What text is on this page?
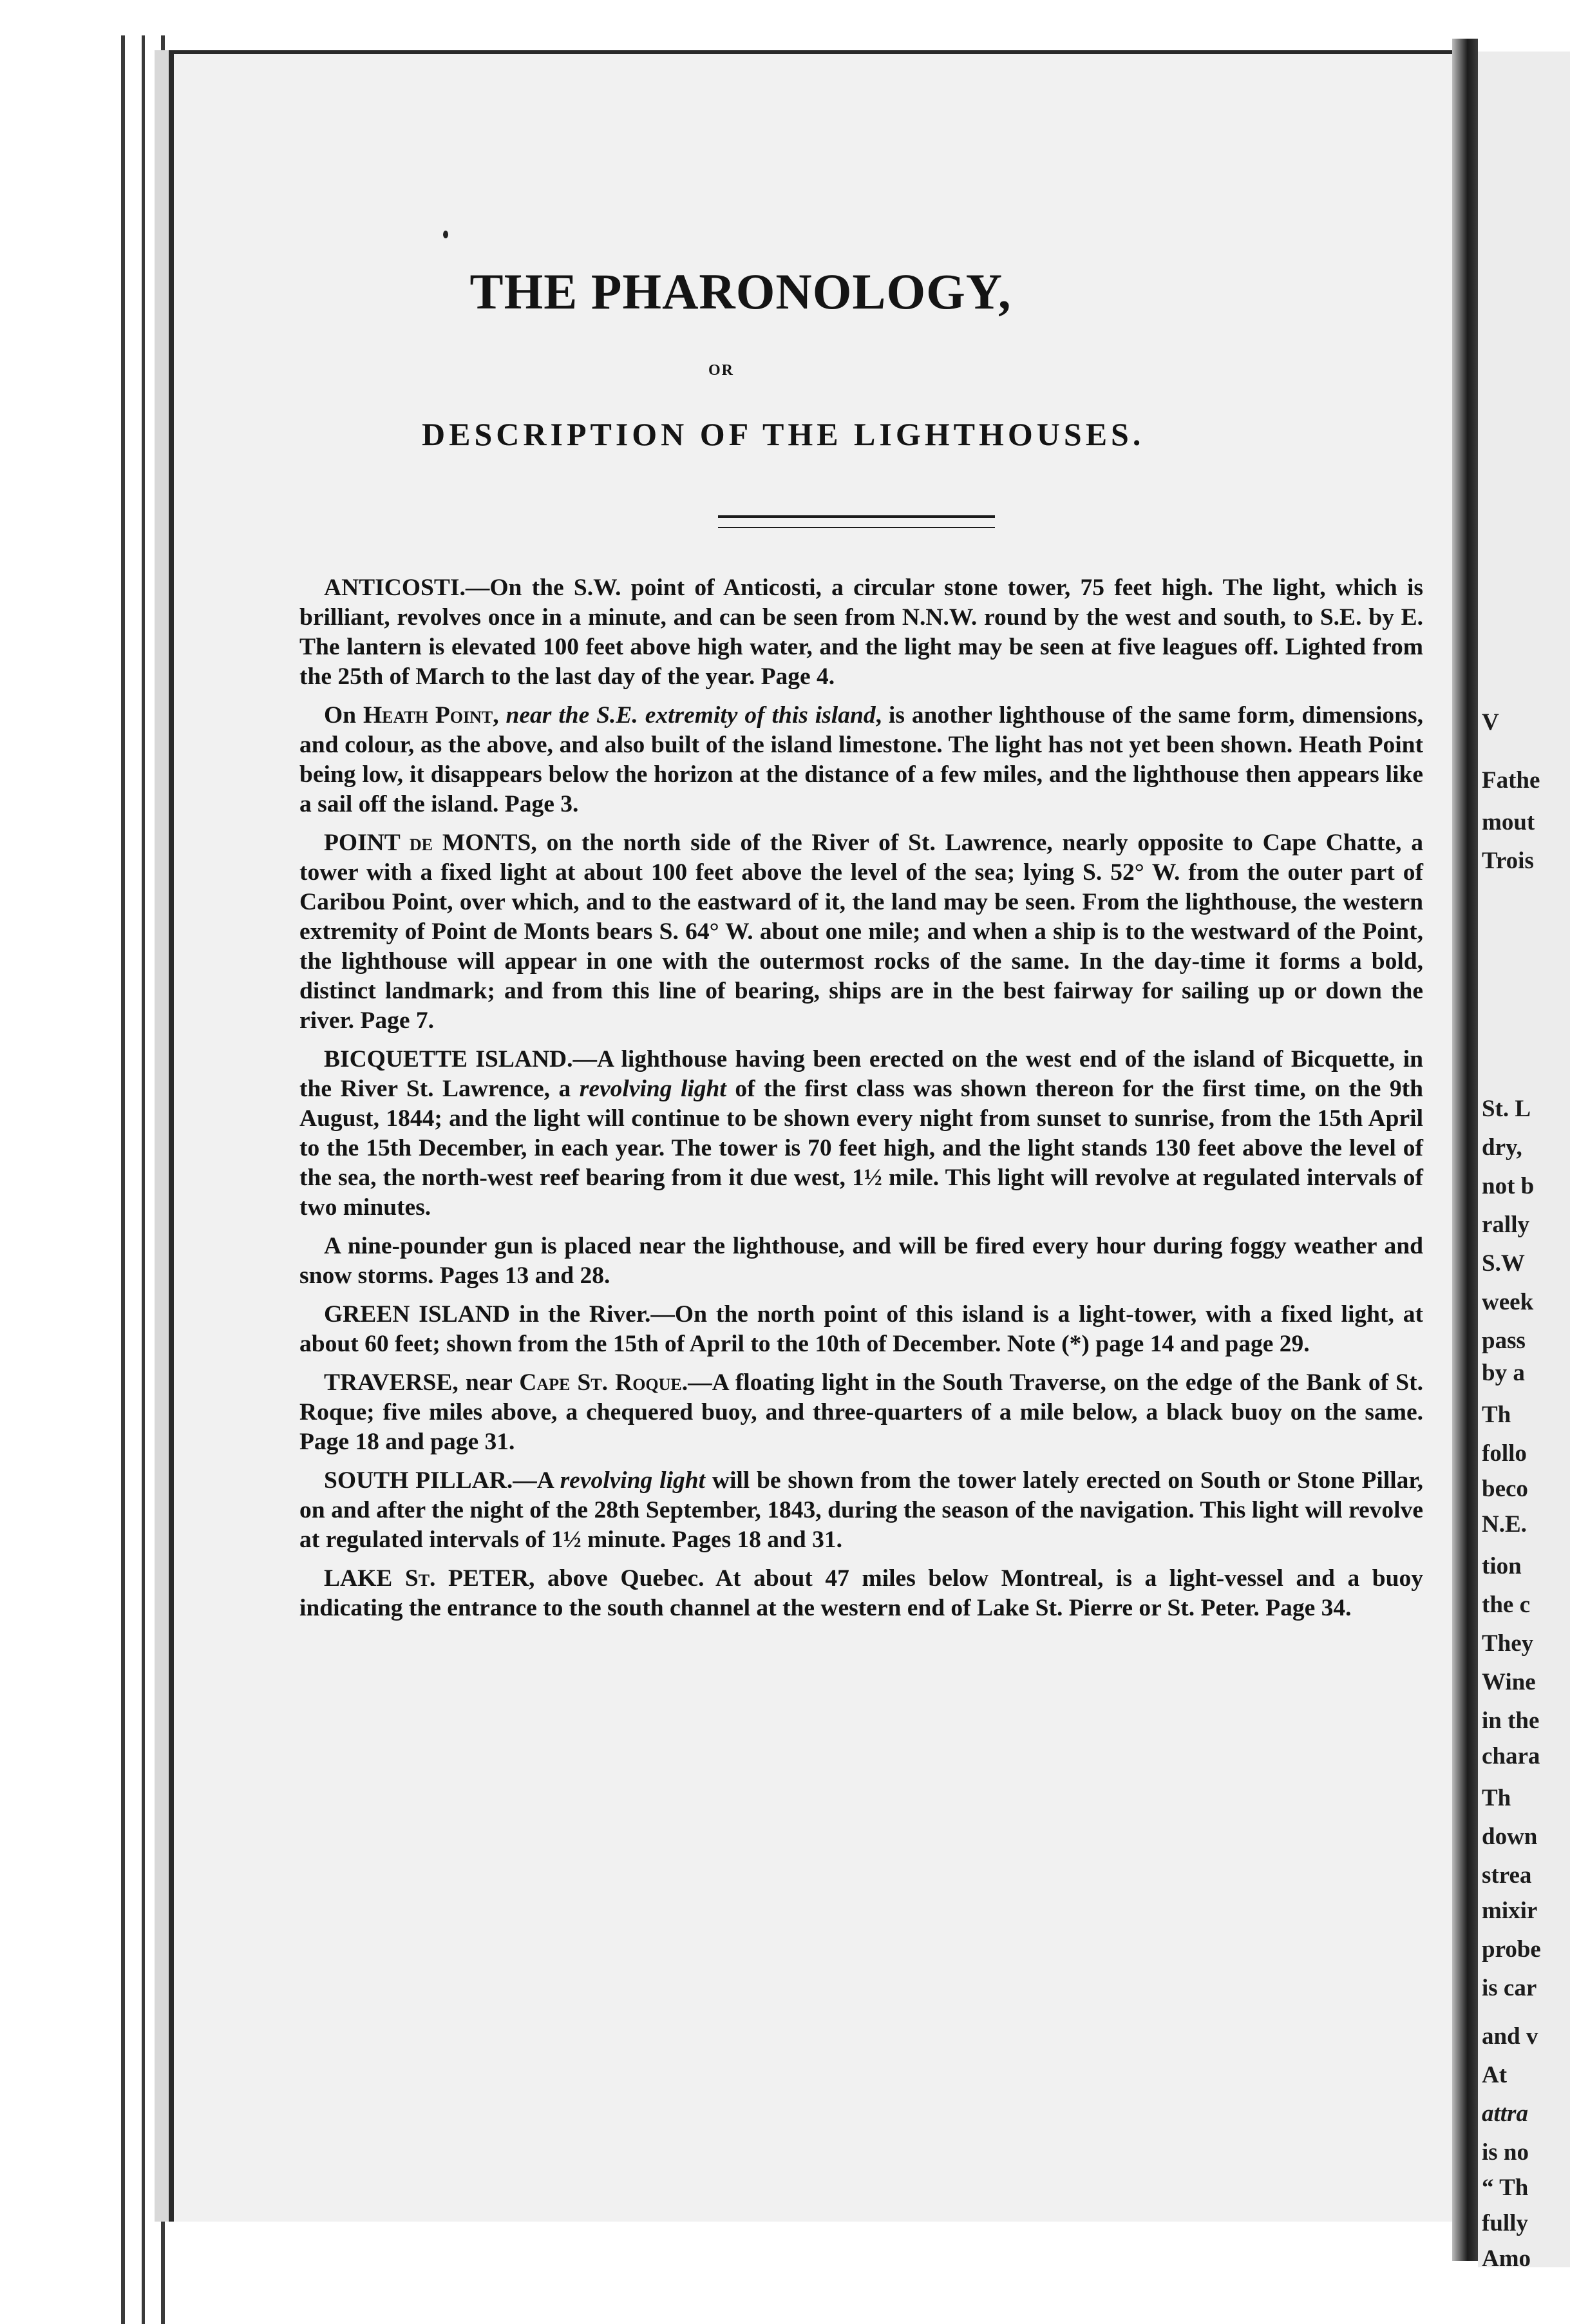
V
Fathe
mout
Trois
St. L
dry,
not b
rally
S.W
week
pass
by a
Th
follo
beco
N.E.
tion
the c
They
Wine
in the
chara
Th
down
strea
mixir
probe
is car
and v
At
attra
is no
“ Th
fully
Amo
THE PHARONOLOGY,
OR
DESCRIPTION OF THE LIGHTHOUSES.

ANTICOSTI.—On the S.W. point of Anticosti, a circular stone tower, 75 feet high. The light, which is brilliant, revolves once in a minute, and can be seen from N.N.W. round by the west and south, to S.E. by E. The lantern is elevated 100 feet above high water, and the light may be seen at five leagues off. Lighted from the 25th of March to the last day of the year. Page 4.

On Heath Point, near the S.E. extremity of this island, is another lighthouse of the same form, dimensions, and colour, as the above, and also built of the island limestone. The light has not yet been shown. Heath Point being low, it disappears below the horizon at the distance of a few miles, and the lighthouse then appears like a sail off the island. Page 3.

POINT de MONTS, on the north side of the River of St. Lawrence, nearly opposite to Cape Chatte, a tower with a fixed light at about 100 feet above the level of the sea; lying S. 52° W. from the outer part of Caribou Point, over which, and to the eastward of it, the land may be seen. From the lighthouse, the western extremity of Point de Monts bears S. 64° W. about one mile; and when a ship is to the westward of the Point, the lighthouse will appear in one with the outermost rocks of the same. In the day-time it forms a bold, distinct landmark; and from this line of bearing, ships are in the best fairway for sailing up or down the river. Page 7.

BICQUETTE ISLAND.—A lighthouse having been erected on the west end of the island of Bicquette, in the River St. Lawrence, a revolving light of the first class was shown thereon for the first time, on the 9th August, 1844; and the light will continue to be shown every night from sunset to sunrise, from the 15th April to the 15th December, in each year. The tower is 70 feet high, and the light stands 130 feet above the level of the sea, the north-west reef bearing from it due west, 1½ mile. This light will revolve at regulated intervals of two minutes.

A nine-pounder gun is placed near the lighthouse, and will be fired every hour during foggy weather and snow storms. Pages 13 and 28.

GREEN ISLAND in the River.—On the north point of this island is a light-tower, with a fixed light, at about 60 feet; shown from the 15th of April to the 10th of December. Note (*) page 14 and page 29.

TRAVERSE, near Cape St. Roque.—A floating light in the South Traverse, on the edge of the Bank of St. Roque; five miles above, a chequered buoy, and three-quarters of a mile below, a black buoy on the same. Page 18 and page 31.

SOUTH PILLAR.—A revolving light will be shown from the tower lately erected on South or Stone Pillar, on and after the night of the 28th September, 1843, during the season of the navigation. This light will revolve at regulated intervals of 1½ minute. Pages 18 and 31.

LAKE St. PETER, above Quebec. At about 47 miles below Montreal, is a light-vessel and a buoy indicating the entrance to the south channel at the western end of Lake St. Pierre or St. Peter. Page 34.
